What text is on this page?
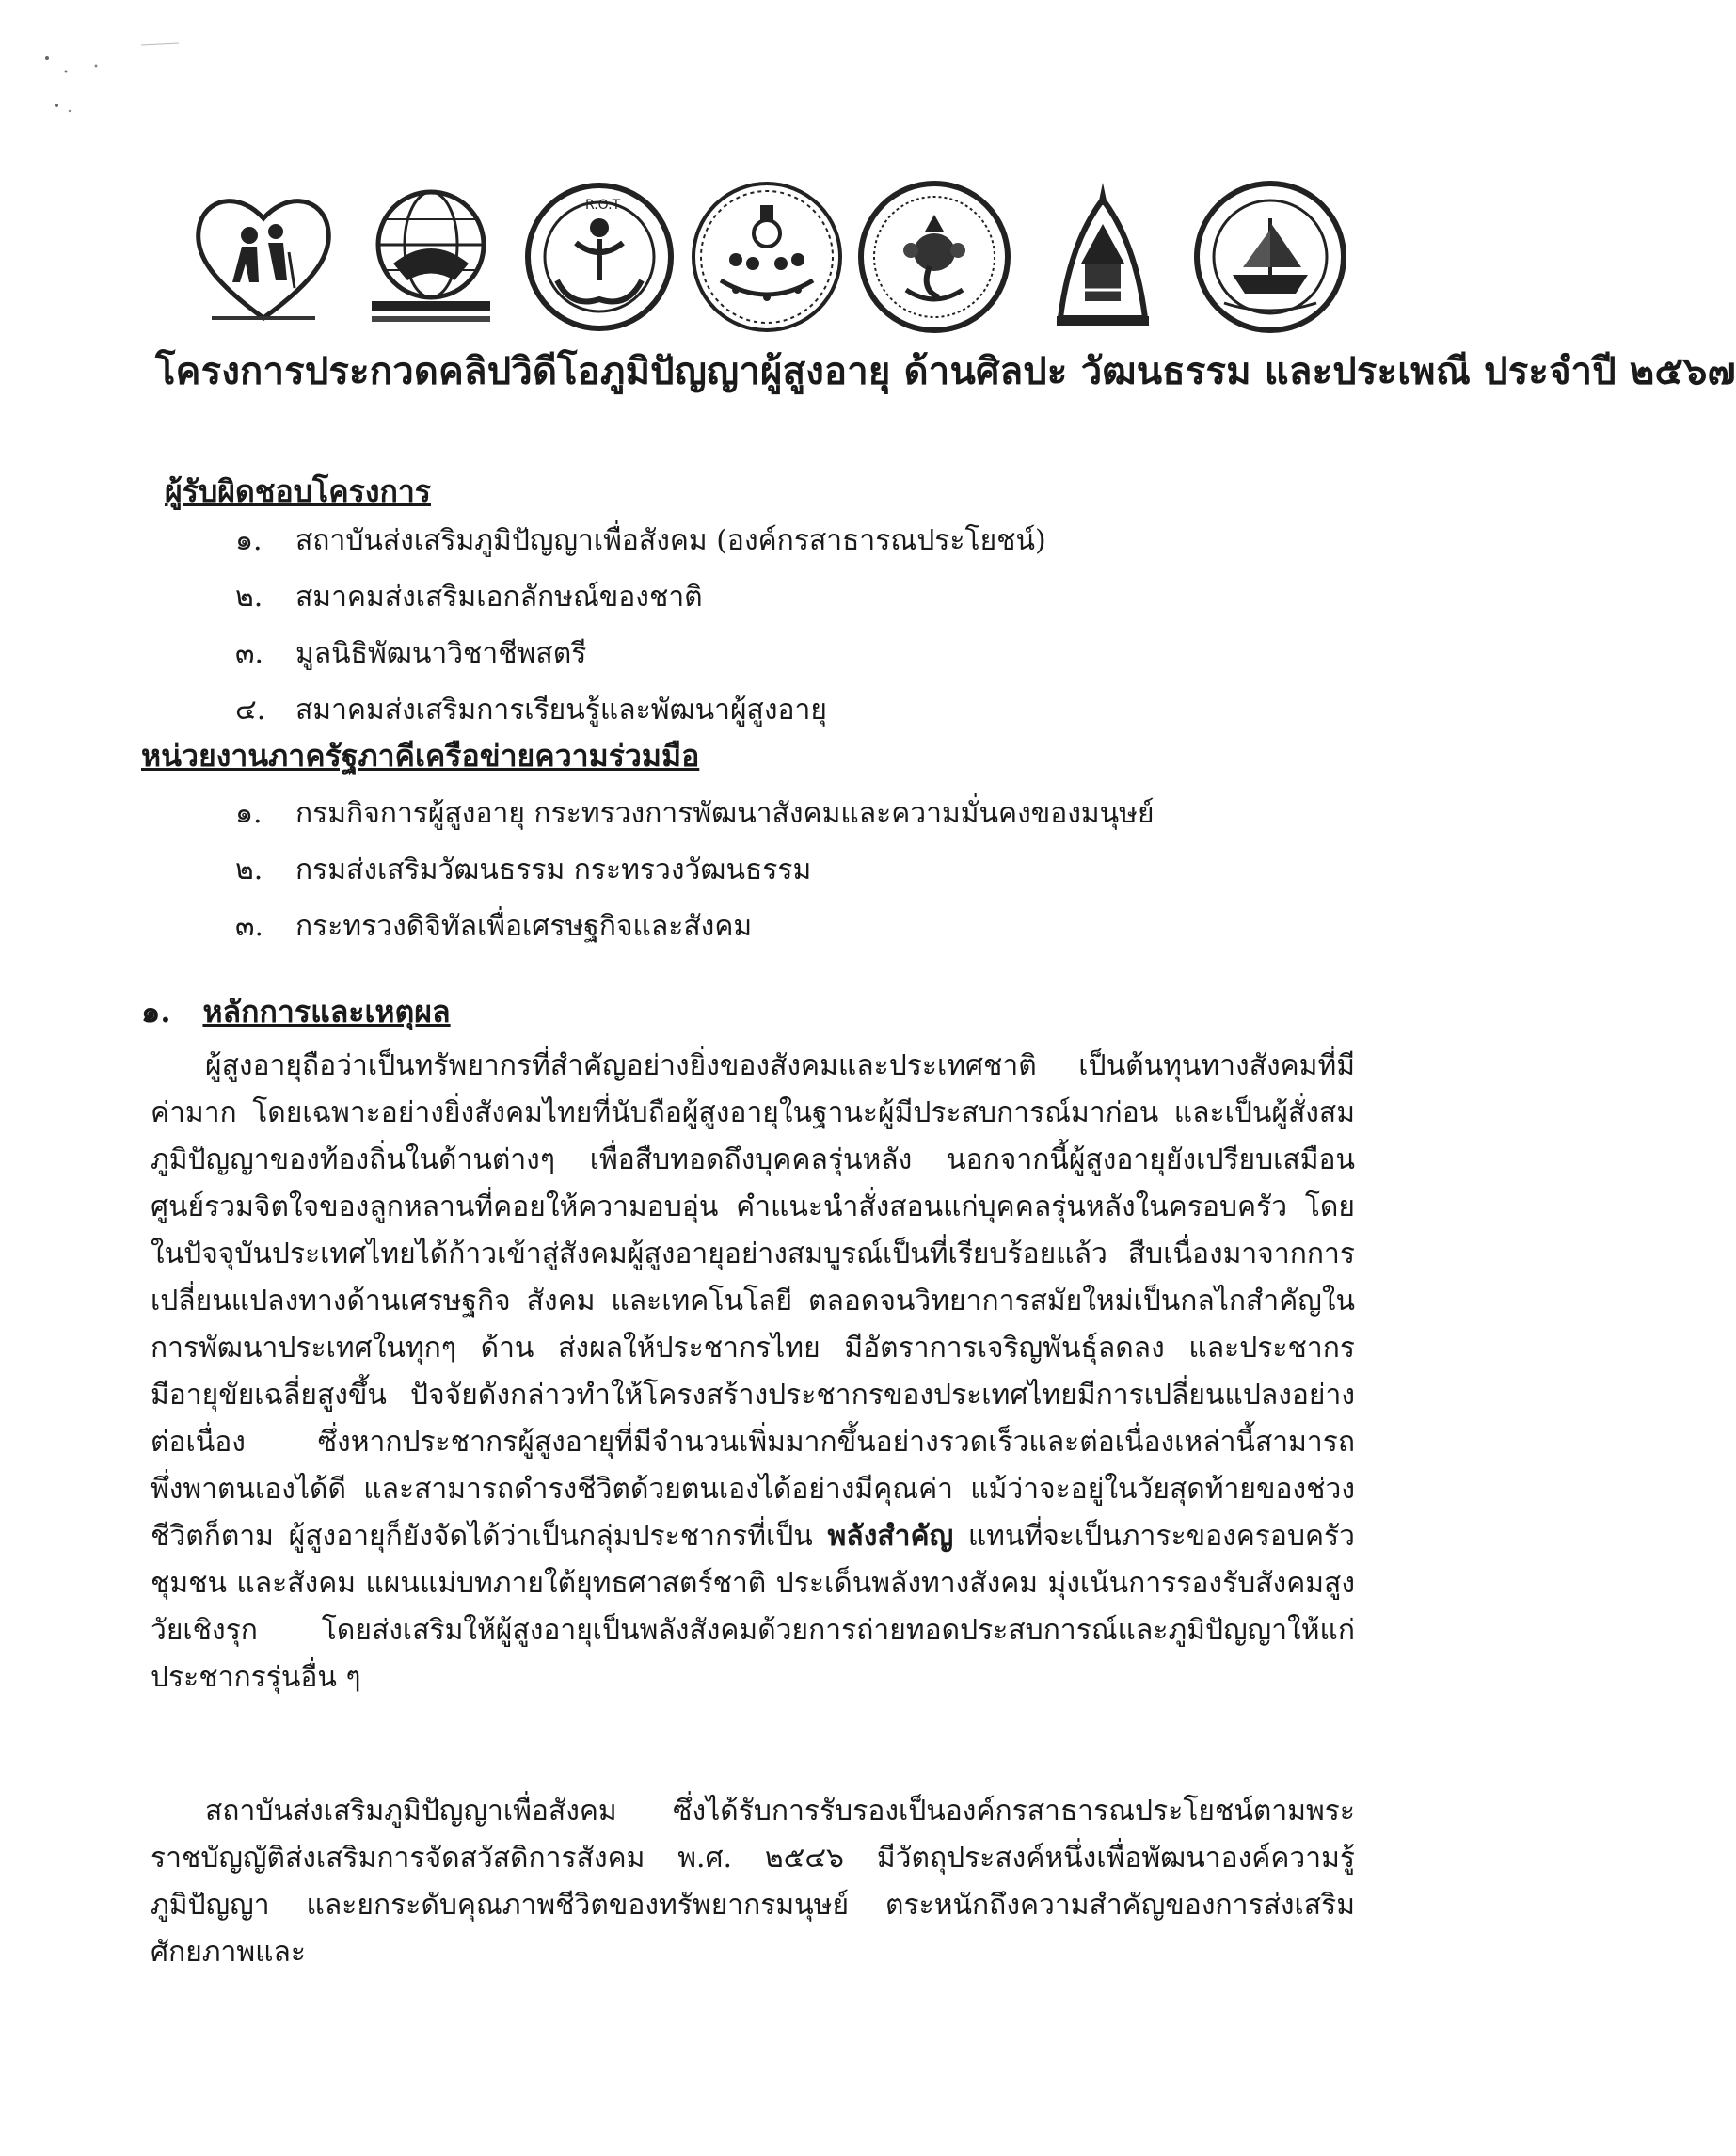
R.O.T
โครงการประกวดคลิปวิดีโอภูมิปัญญาผู้สูงอายุ ด้านศิลปะ วัฒนธรรม และประเพณี ประจำปี ๒๕๖๗
ผู้รับผิดชอบโครงการ
๑.	สถาบันส่งเสริมภูมิปัญญาเพื่อสังคม (องค์กรสาธารณประโยชน์)
๒.	สมาคมส่งเสริมเอกลักษณ์ของชาติ
๓.	มูลนิธิพัฒนาวิชาชีพสตรี
๔.	สมาคมส่งเสริมการเรียนรู้และพัฒนาผู้สูงอายุ
หน่วยงานภาครัฐภาคีเครือข่ายความร่วมมือ
๑.	กรมกิจการผู้สูงอายุ กระทรวงการพัฒนาสังคมและความมั่นคงของมนุษย์
๒.	กรมส่งเสริมวัฒนธรรม กระทรวงวัฒนธรรม
๓.	กระทรวงดิจิทัลเพื่อเศรษฐกิจและสังคม
๑. หลักการและเหตุผล

ผู้สูงอายุถือว่าเป็นทรัพยากรที่สำคัญอย่างยิ่งของสังคมและประเทศชาติ เป็นต้นทุนทางสังคมที่มีค่ามาก โดยเฉพาะอย่างยิ่งสังคมไทยที่นับถือผู้สูงอายุในฐานะผู้มีประสบการณ์มาก่อน และเป็นผู้สั่งสมภูมิปัญญาของท้องถิ่นในด้านต่างๆ เพื่อสืบทอดถึงบุคคลรุ่นหลัง นอกจากนี้ผู้สูงอายุยังเปรียบเสมือนศูนย์รวมจิตใจของลูกหลานที่คอยให้ความอบอุ่น คำแนะนำสั่งสอนแก่บุคคลรุ่นหลังในครอบครัว โดยในปัจจุบันประเทศไทยได้ก้าวเข้าสู่สังคมผู้สูงอายุอย่างสมบูรณ์เป็นที่เรียบร้อยแล้ว สืบเนื่องมาจากการเปลี่ยนแปลงทางด้านเศรษฐกิจ สังคม และเทคโนโลยี ตลอดจนวิทยาการสมัยใหม่เป็นกลไกสำคัญในการพัฒนาประเทศในทุกๆ ด้าน ส่งผลให้ประชากรไทย มีอัตราการเจริญพันธุ์ลดลง และประชากรมีอายุขัยเฉลี่ยสูงขึ้น ปัจจัยดังกล่าวทำให้โครงสร้างประชากรของประเทศไทยมีการเปลี่ยนแปลงอย่างต่อเนื่อง ซึ่งหากประชากรผู้สูงอายุที่มีจำนวนเพิ่มมากขึ้นอย่างรวดเร็วและต่อเนื่องเหล่านี้สามารถพึ่งพาตนเองได้ดี และสามารถดำรงชีวิตด้วยตนเองได้อย่างมีคุณค่า แม้ว่าจะอยู่ในวัยสุดท้ายของช่วงชีวิตก็ตาม ผู้สูงอายุก็ยังจัดได้ว่าเป็นกลุ่มประชากรที่เป็น พลังสำคัญ แทนที่จะเป็นภาระของครอบครัว ชุมชน และสังคม แผนแม่บทภายใต้ยุทธศาสตร์ชาติ ประเด็นพลังทางสังคม มุ่งเน้นการรองรับสังคมสูงวัยเชิงรุก โดยส่งเสริมให้ผู้สูงอายุเป็นพลังสังคมด้วยการถ่ายทอดประสบการณ์และภูมิปัญญาให้แก่ประชากรรุ่นอื่น ๆ

สถาบันส่งเสริมภูมิปัญญาเพื่อสังคม ซึ่งได้รับการรับรองเป็นองค์กรสาธารณประโยชน์ตามพระราชบัญญัติส่งเสริมการจัดสวัสดิการสังคม พ.ศ. ๒๕๔๖ มีวัตถุประสงค์หนึ่งเพื่อพัฒนาองค์ความรู้ ภูมิปัญญา และยกระดับคุณภาพชีวิตของทรัพยากรมนุษย์ ตระหนักถึงความสำคัญของการส่งเสริมศักยภาพและ
